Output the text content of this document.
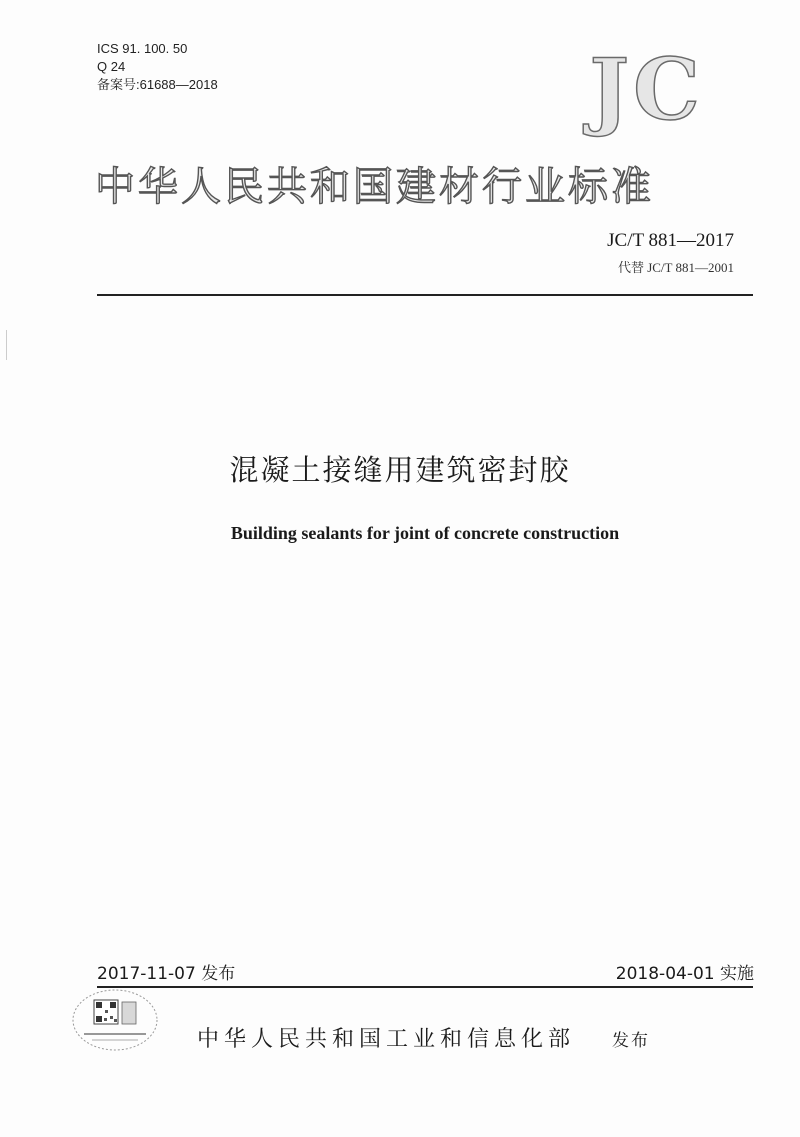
ICS 91. 100. 50
Q 24
备案号:61688—2018	JC
中华人民共和国建材行业标准
JC/T 881—2017
代替 JC/T 881—2001
混凝土接缝用建筑密封胶
Building sealants for joint of concrete construction
2017-11-07 发布	2018-04-01 实施
中华人民共和国工业和信息化部 发布
